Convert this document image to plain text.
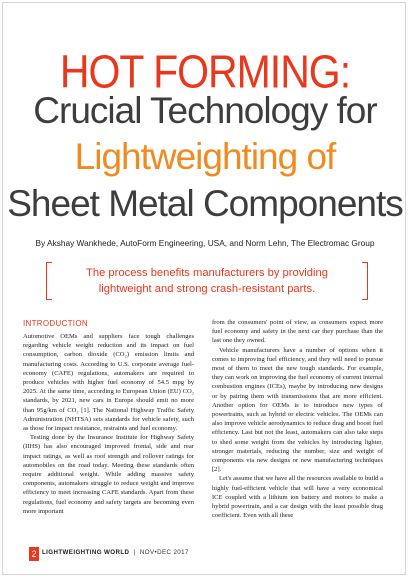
HOT FORMING:
Crucial Technology for
Lightweighting of
Sheet Metal Components
By Akshay Wankhede, AutoForm Engineering, USA, and Norm Lehn, The Electromac Group
The process benefits manufacturers by providing
lightweight and strong crash-resistant parts.
INTRODUCTION

Automotive OEMs and suppliers face tough challenges regarding vehicle weight reduction and its impact on fuel consumption, carbon dioxide (CO₂) emission limits and manufacturing costs. According to U.S. corporate average fuel-economy (CAFE) regulations, automakers are required to produce vehicles with higher fuel economy of 54.5 mpg by 2025. At the same time, according to European Union (EU) CO₂ standards, by 2021, new cars in Europe should emit no more than 95g/km of CO₂ [1]. The National Highway Traffic Safety Administration (NHTSA) sets standards for vehicle safety, such as those for impact resistance, restraints and fuel economy.

Testing done by the Insurance Institute for Highway Safety (IIHS) has also encouraged improved frontal, side and rear impact ratings, as well as roof strength and rollover ratings for automobiles on the road today. Meeting these standards often require additional weight. While adding massive safety components, automakers struggle to reduce weight and improve efficiency to meet increasing CAFE standards. Apart from these regulations, fuel economy and safety targets are becoming even more important

from the consumers' point of view, as consumers expect more fuel economy and safety in the next car they purchase than the last one they owned.

Vehicle manufacturers have a number of options when it comes to improving fuel efficiency, and they will need to pursue most of them to meet the new tough standards. For example, they can work on improving the fuel economy of current internal combustion engines (ICEs), maybe by introducing new designs or by pairing them with transmissions that are more efficient. Another option for OEMs is to introduce new types of powertrains, such as hybrid or electric vehicles. The OEMs can also improve vehicle aerodynamics to reduce drag and boost fuel efficiency. Last but not the least, automakers can also take steps to shed some weight from the vehicles by introducing lighter, stronger materials, reducing the number, size and weight of components via new designs or new manufacturing techniques [2].

Let's assume that we have all the resources available to build a highly fuel-efficient vehicle that will have a very economical ICE coupled with a lithium ion battery and motors to make a hybrid powertrain, and a car design with the least possible drag coefficient. Even with all these

2 LIGHTWEIGHTING WORLD  |  NOV•DEC 2017
